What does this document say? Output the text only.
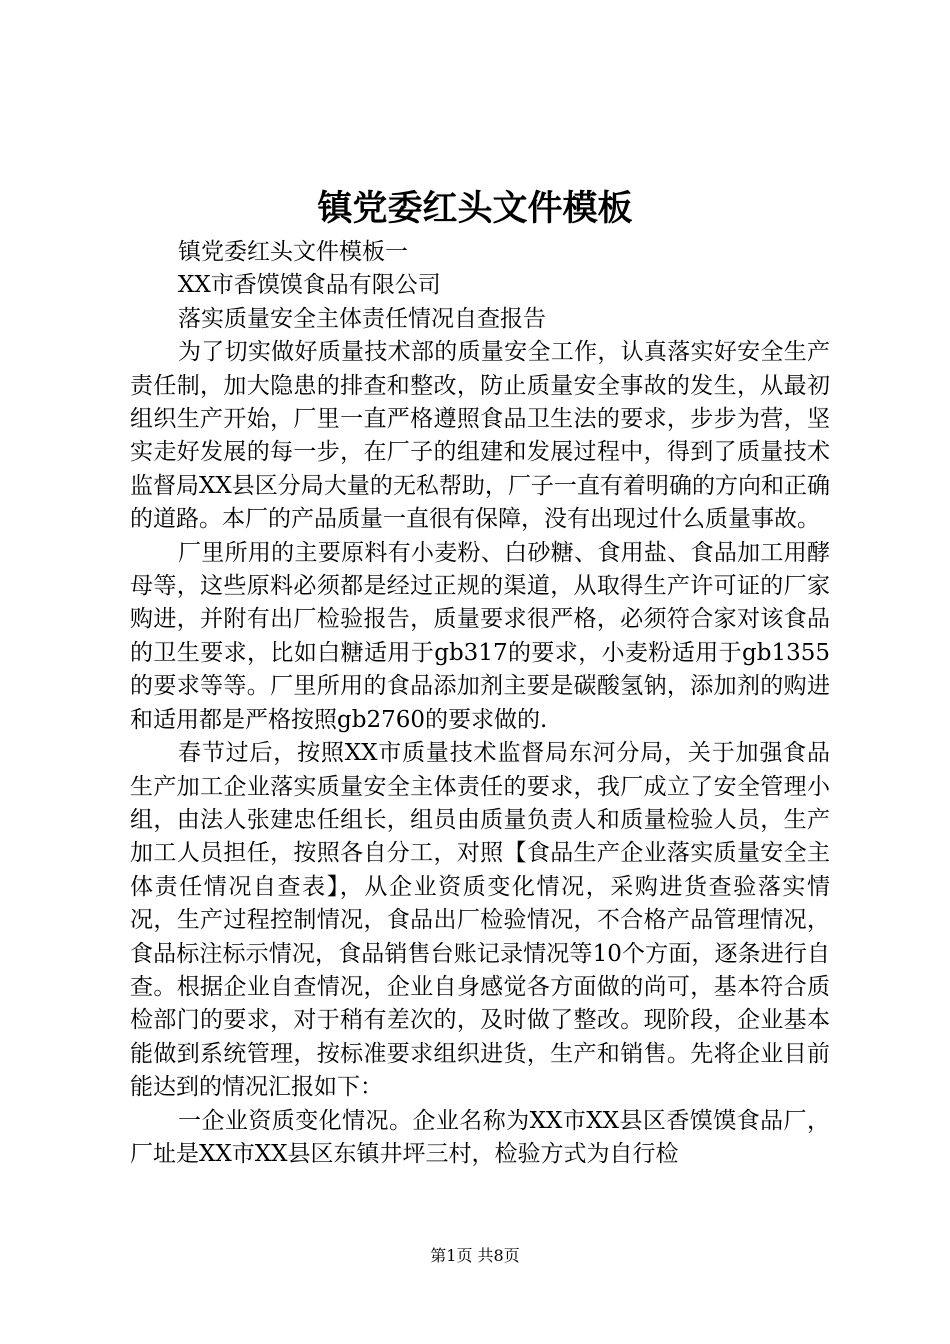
镇党委红头文件模板

镇党委红头文件模板一

XX市香馍馍食品有限公司

落实质量安全主体责任情况自查报告

为了切实做好质量技术部的质量安全工作，认真落实好安全生产责任制，加大隐患的排查和整改，防止质量安全事故的发生，从最初组织生产开始，厂里一直严格遵照食品卫生法的要求，步步为营，坚实走好发展的每一步，在厂子的组建和发展过程中，得到了质量技术监督局XX县区分局大量的无私帮助，厂子一直有着明确的方向和正确的道路。本厂的产品质量一直很有保障，没有出现过什么质量事故。

厂里所用的主要原料有小麦粉、白砂糖、食用盐、食品加工用酵母等，这些原料必须都是经过正规的渠道，从取得生产许可证的厂家购进，并附有出厂检验报告，质量要求很严格，必须符合家对该食品的卫生要求，比如白糖适用于gb317的要求，小麦粉适用于gb1355的要求等等。厂里所用的食品添加剂主要是碳酸氢钠，添加剂的购进和适用都是严格按照gb2760的要求做的.

春节过后，按照XX市质量技术监督局东河分局，关于加强食品生产加工企业落实质量安全主体责任的要求，我厂成立了安全管理小组，由法人张建忠任组长，组员由质量负责人和质量检验人员，生产加工人员担任，按照各自分工，对照【食品生产企业落实质量安全主体责任情况自查表】，从企业资质变化情况，采购进货查验落实情况，生产过程控制情况，食品出厂检验情况，不合格产品管理情况，食品标注标示情况，食品销售台账记录情况等10个方面，逐条进行自查。根据企业自查情况，企业自身感觉各方面做的尚可，基本符合质检部门的要求，对于稍有差次的，及时做了整改。现阶段，企业基本能做到系统管理，按标准要求组织进货，生产和销售。先将企业目前能达到的情况汇报如下：

一企业资质变化情况。企业名称为XX市XX县区香馍馍食品厂，厂址是XX市XX县区东镇井坪三村，检验方式为自行检

第1页 共8页
